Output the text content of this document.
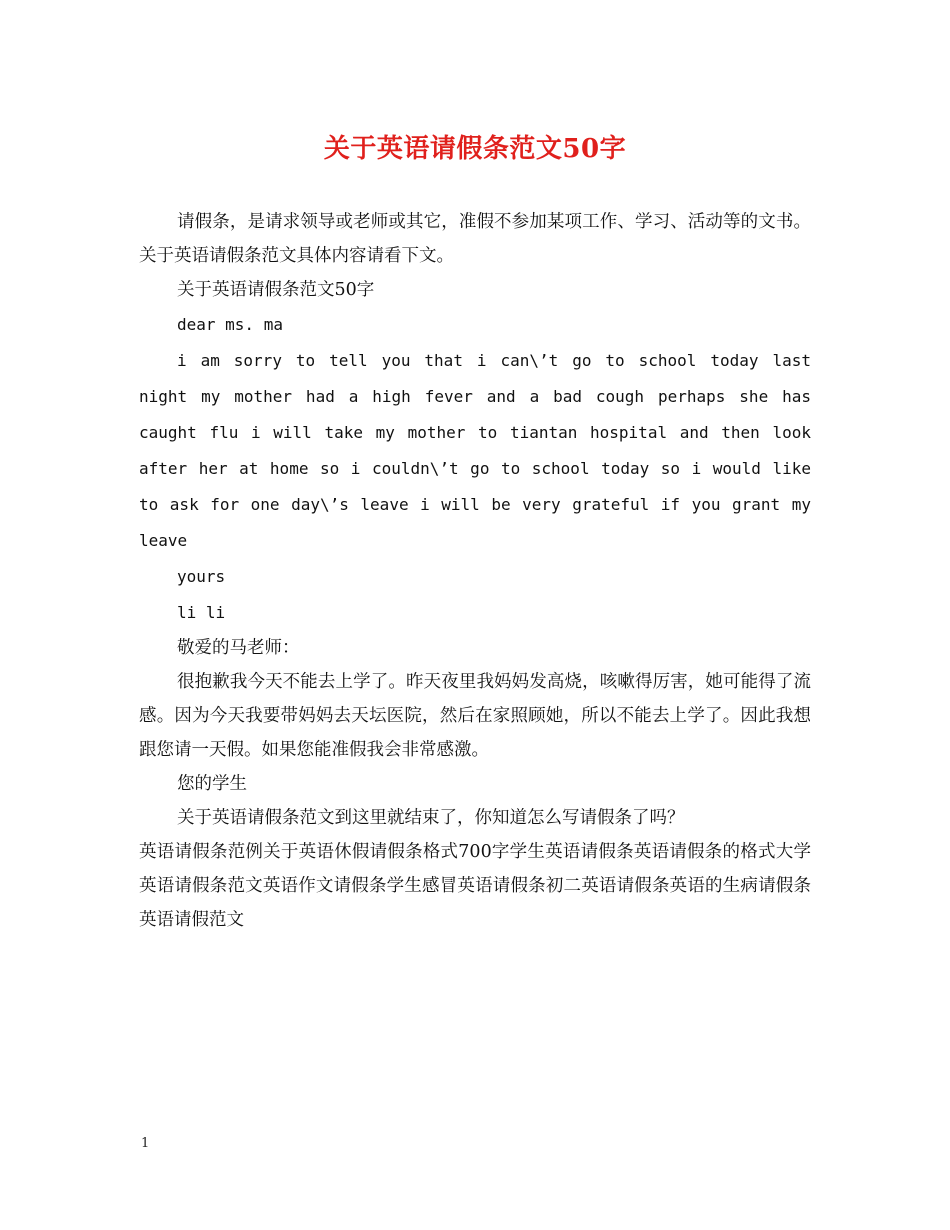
关于英语请假条范文50字

请假条，是请求领导或老师或其它，准假不参加某项工作、学习、活动等的文书。关于英语请假条范文具体内容请看下文。

关于英语请假条范文50字

dear ms. ma

i am sorry to tell you that i can\’t go to school today last night my mother had a high fever and a bad cough perhaps she has caught flu i will take my mother to tiantan hospital and then look after her at home so i couldn\’t go to school today so i would like to ask for one day\’s leave i will be very grateful if you grant my leave

yours

li li

敬爱的马老师：

很抱歉我今天不能去上学了。昨天夜里我妈妈发高烧，咳嗽得厉害，她可能得了流感。因为今天我要带妈妈去天坛医院，然后在家照顾她，所以不能去上学了。因此我想跟您请一天假。如果您能准假我会非常感激。

您的学生

关于英语请假条范文到这里就结束了，你知道怎么写请假条了吗？

英语请假条范例关于英语休假请假条格式700字学生英语请假条英语请假条的格式大学英语请假条范文英语作文请假条学生感冒英语请假条初二英语请假条英语的生病请假条英语请假范文

1
